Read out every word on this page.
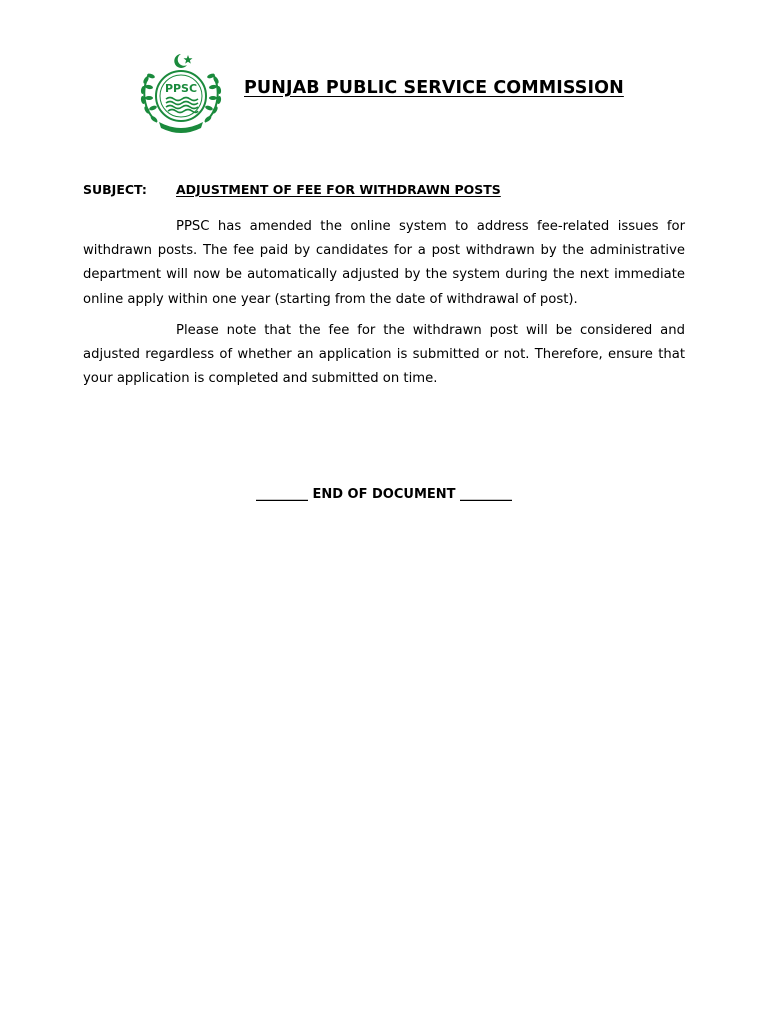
PPSC	PUNJAB PUBLIC SERVICE COMMISSION
SUBJECT: ADJUSTMENT OF FEE FOR WITHDRAWN POSTS

PPSC has amended the online system to address fee-related issues for withdrawn posts. The fee paid by candidates for a post withdrawn by the administrative department will now be automatically adjusted by the system during the next immediate online apply within one year (starting from the date of withdrawal of post).

Please note that the fee for the withdrawn post will be considered and adjusted regardless of whether an application is submitted or not. Therefore, ensure that your application is completed and submitted on time.

________ END OF DOCUMENT ________
